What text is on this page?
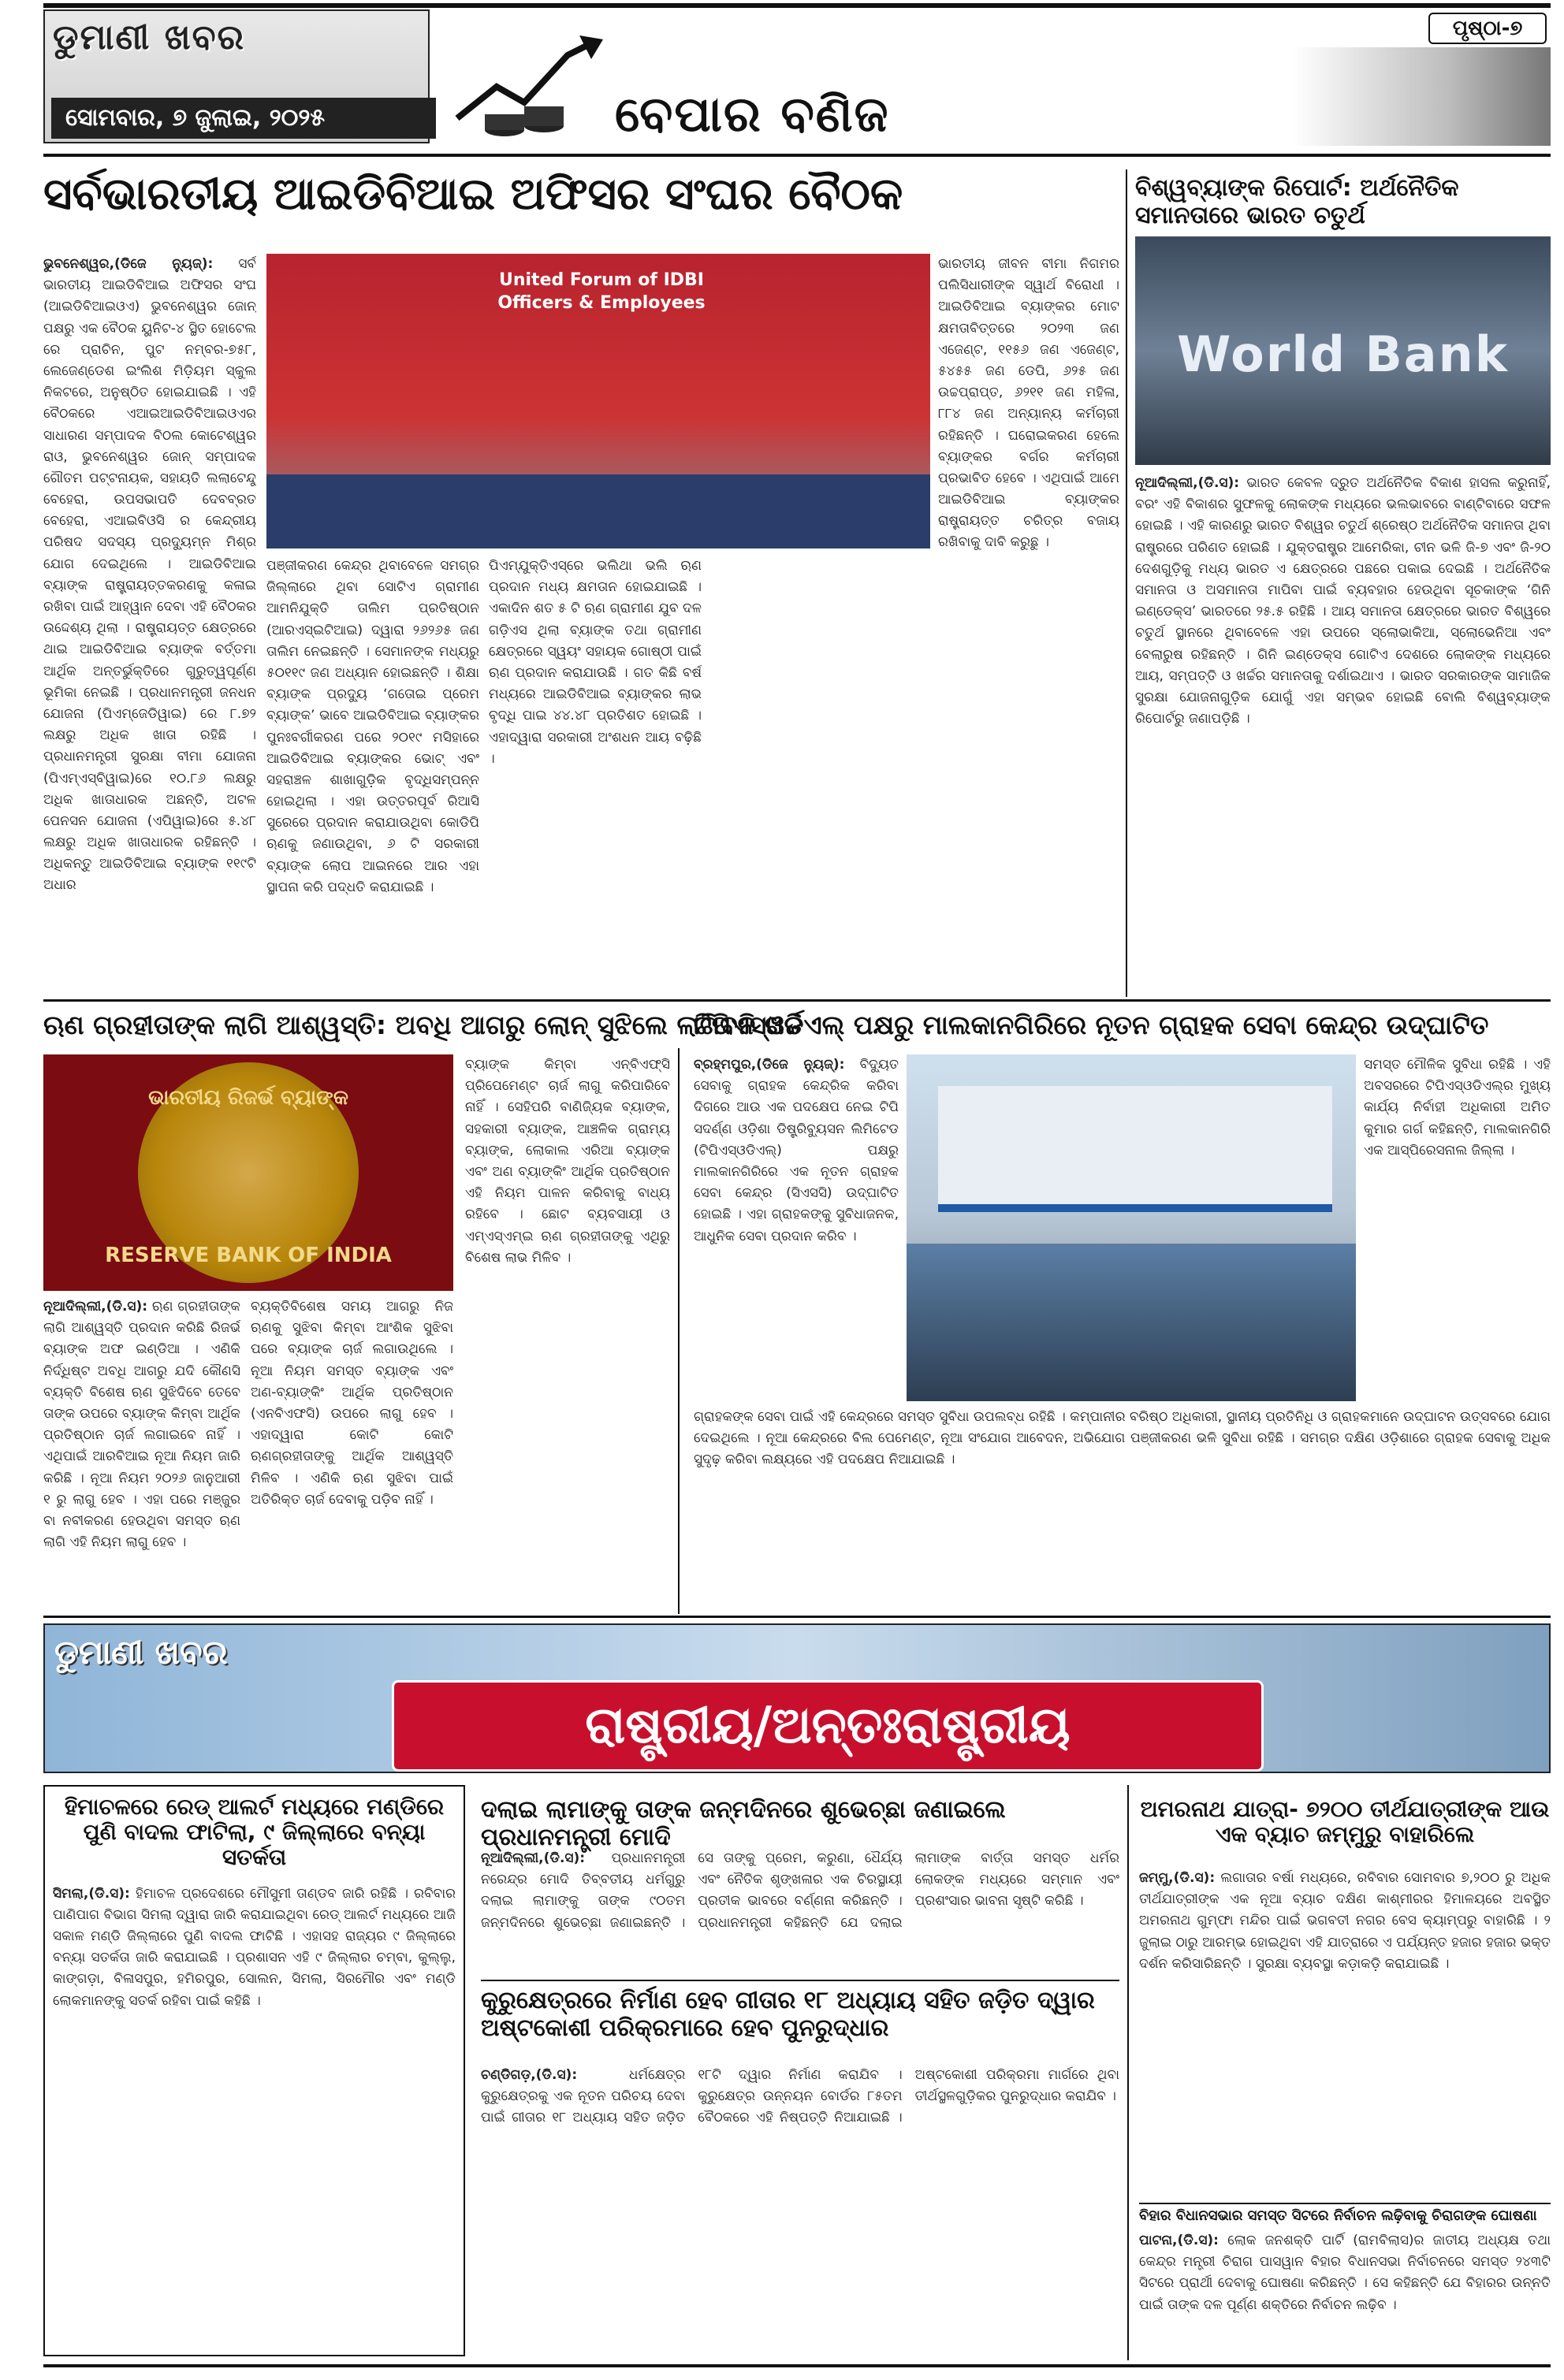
ଡୁମାଣୀ ଖବର
ସୋମବାର, ୭ ଜୁଲାଇ, ୨୦୨୫	ବେପାର ବଣିଜ
ପୃଷ୍ଠା-୭
ସର୍ବଭାରତୀୟ ଆଇଡିବିଆଇ ଅଫିସର ସଂଘର ବୈଠକ
United Forum of IDBI Officers & Employees
ଭୁବନେଶ୍ୱର,(ଡିଜେ ନ୍ୟୁଜ୍): ସର୍ବ ଭାରତୀୟ ଆଇଡିବିଆଇ ଅଫିସର ସଂଘ (ଆଇଡିବିଆଇଓଏ) ଭୁବନେଶ୍ୱର ଜୋନ୍ ପକ୍ଷରୁ ଏକ ବୈଠକ ୟୁନିଟ-୪ ସ୍ଥିତ ହୋଟେଲ ରେ ପ୍ରାଚିନ, ପୁଟ ନମ୍ବର-୭୫୮, ଲେଜେଣ୍ଡେଶ ଇଂଲିଶ ମିଡ଼ିୟମ ସ୍କୁଲ ନିକଟରେ, ଅନୁଷ୍ଠିତ ହୋଇଯାଇଛି । ଏହି ବୈଠକରେ ଏଆଇଆଇଡିବିଆଇଓଏର ସାଧାରଣ ସମ୍ପାଦକ ବିଠଲ କୋଟେଶ୍ୱର ରାଓ, ଭୁବନେଶ୍ୱର ଜୋନ୍ ସମ୍ପାଦକ ଗୌତମ ପଟ୍ଟନାୟକ, ସହାୟତି ଲଲାଟେନ୍ଦୁ ବେହେରା, ଉପସଭାପତି ଦେବବ୍ରତ ବେହେରା, ଏଆଇବିଓସି ର କେନ୍ଦ୍ରୀୟ ପରିଷଦ ସଦସ୍ୟ ପ୍ରଦ୍ୟୁମ୍ନ ମିଶ୍ର ଯୋଗ ଦେଇଥିଲେ । ଆଇଡିବିଆଇ ବ୍ୟାଙ୍କ ରାଷ୍ଟ୍ରାୟତ୍ତକରଣକୁ କଳାଇ ରଖିବା ପାଇଁ ଆହ୍ୱାନ ଦେବା ଏହି ବୈଠକର ଉଦ୍ଦେଶ୍ୟ ଥିଲା । ରାଷ୍ଟ୍ରାୟତ୍ତ କ୍ଷେତ୍ରରେ ଥାଇ ଆଇଡିବିଆଇ ବ୍ୟାଙ୍କ ବର୍ତ୍ତମା ଆର୍ଥିକ ଅନ୍ତର୍ଭୁକ୍ତିରେ ଗୁରୁତ୍ୱପୂର୍ଣ୍ଣ ଭୂମିକା ନେଇଛି । ପ୍ରଧାନମନ୍ତ୍ରୀ ଜନଧନ ଯୋଜନା (ପିଏମ୍‌ଜେଡିୱାଇ) ରେ ୮.୭୨ ଲକ୍ଷରୁ ଅଧିକ ଖାତା ରହିଛି । ପ୍ରଧାନମନ୍ତ୍ରୀ ସୁରକ୍ଷା ବୀମା ଯୋଜନା (ପିଏମ୍‌ଏସ୍‌ବିୱାଇ)ରେ ୧୦.୮୬ ଲକ୍ଷରୁ ଅଧିକ ଖାତାଧାରକ ଅଛନ୍ତି, ଅଟଳ ପେନସନ ଯୋଜନା (ଏପିୱାଇ)ରେ ୫.୪୮ ଲକ୍ଷରୁ ଅଧିକ ଖାତାଧାରକ ରହିଛନ୍ତି । ଅଧିକନ୍ତୁ ଆଇଡିବିଆଇ ବ୍ୟାଙ୍କ ୧୧୯ଟି ଅଧାର
ପଞ୍ଜୀକରଣ କେନ୍ଦ୍ର ଥିବାବେଳେ ସମଗ୍ର ଜିଲ୍ଲାରେ ଥିବା ସୋଟିଏ ଗ୍ରାମୀଣ ଆମନିଯୁକ୍ତି ତାଲିମ ପ୍ରତିଷ୍ଠାନ (ଆରଏସ୍‌ଇଟିଆଇ) ଦ୍ୱାରା ୨୬୨୬୫ ଜଣ ତାଲିମ ନେଇଛନ୍ତି । ସେମାନଙ୍କ ମଧ୍ୟରୁ ୫୦୧୧୯ ଜଣ ଅଧ୍ୟାନ ହୋଇଛନ୍ତି । ଶିକ୍ଷା ବ୍ୟାଙ୍କ ପ୍ରଦ୍ୟୁ ‘ଗତୋଇ ପ୍ରେମ ବ୍ୟାଙ୍କ’ ଭାବେ ଆଇଡିବିଆଇ ବ୍ୟାଙ୍କର ପୁନଃବର୍ଗୀକରଣ ପରେ ୨୦୧୯ ମସିହାରେ ଆଇଡିବିଆଇ ବ୍ୟାଙ୍କର ଭୋଟ୍ ଏବଂ ସହରାଞ୍ଚଳ ଶାଖାଗୁଡ଼ିକ ବୃଦ୍ଧିସମ୍ପନ୍ନ ହୋଇଥିଲା । ଏହା ଉତ୍ତରପୂର୍ବ ରିଆସି ସୁରେରେ ପ୍ରଦାନ କରାଯାଉଥିବା କୋଡିପି ଋଣକୁ ଜଣାଉଥିବା, ୬ ଟି ସରକାରୀ ବ୍ୟାଙ୍କ ଲୋପ ଆଇନରେ ଆର ଏହା ସ୍ଥାପନା କରି ପଦ୍ଧତି କରାଯାଇଛି ।
ପିଏମ୍‌ଯୁକ୍ତିଏସ୍‌ରେ ଭଲିଥା ଭଲି ଋଣ ପ୍ରଦାନ ମଧ୍ୟ କ୍ଷମତାନ ହୋଇଯାଇଛି । ଏକାଦିନ ଶତ ୫ ଟି ଋଣ ଗ୍ରାମୀଣ ଯୁବ ଦଳ ଗଡ଼ିଏସ ଥିଲା ବ୍ୟାଙ୍କ ତଥା ଗ୍ରାମୀଣ କ୍ଷେତ୍ରରେ ସ୍ୱୟଂ ସହାୟକ ଗୋଷ୍ଠୀ ପାଇଁ ଋଣ ପ୍ରଦାନ କରାଯାଉଛି । ଗତ କିଛି ବର୍ଷ ମଧ୍ୟରେ ଆଇଡିବିଆଇ ବ୍ୟାଙ୍କର ଲାଭ ବୃଦ୍ଧି ପାଇ ୪୪.୪୮ ପ୍ରତିଶତ ହୋଇଛି । ଏହାଦ୍ୱାରା ସରକାରୀ ଅଂଶଧନ ଆୟ ବଢ଼ିଛି ।
ଭାରତୀୟ ଜୀବନ ବୀମା ନିଗମର ପଲିସିଧାରୀଙ୍କ ସ୍ୱାର୍ଥ ବିରୋଧୀ । ଆଇଡିବିଆଇ ବ୍ୟାଙ୍କର ମୋଟ କ୍ଷମତାବିତ୍ତରେ ୨୦୨୩ ଜଣ ଏଜେଣ୍ଟ, ୧୧୫୬ ଜଣ ଏଜେଣ୍ଟ, ୫୪୫୫ ଜଣ ଡେପି, ୬୨୫ ଜଣ ଉଚ୍ଚପ୍ରାପ୍ତ, ୬୨୧୧ ଜଣ ମହିଳା, ୮୮୪ ଜଣ ଅନ୍ୟାନ୍ୟ କର୍ମଚାରୀ ରହିଛନ୍ତି । ଘରୋଇକରଣ ହେଲେ ବ୍ୟାଙ୍କର ବର୍ଗର କର୍ମଚାରୀ ପ୍ରଭାବିତ ହେବେ । ଏଥିପାଇଁ ଆମେ ଆଇଡିବିଆଇ ବ୍ୟାଙ୍କର ରାଷ୍ଟ୍ରାୟତ୍ତ ଚରିତ୍ର ବଜାୟ ରଖିବାକୁ ଦାବି କରୁଛୁ ।
ବିଶ୍ୱବ୍ୟାଙ୍କ ରିପୋର୍ଟ: ଅର୍ଥନୈତିକ ସମାନତାରେ ଭାରତ ଚତୁର୍ଥ
World Bank
ନୂଆଦିଲ୍ଲୀ,(ଡି.ସ): ଭାରତ କେବଳ ଦ୍ରୁତ ଅର୍ଥନୈତିକ ବିକାଶ ହାସଲ କରୁନାହିଁ, ବରଂ ଏହି ବିକାଶର ସୁଫଳକୁ ଲୋକଙ୍କ ମଧ୍ୟରେ ଭଲଭାବରେ ବାଣ୍ଟିବାରେ ସଫଳ ହୋଇଛି । ଏହି କାରଣରୁ ଭାରତ ବିଶ୍ୱର ଚତୁର୍ଥ ଶ୍ରେଷ୍ଠ ଅର୍ଥନୈତିକ ସମାନତା ଥିବା ରାଷ୍ଟ୍ରରେ ପରିଣତ ହୋଇଛି । ଯୁକ୍ତରାଷ୍ଟ୍ର ଆମେରିକା, ଚୀନ ଭଳି ଜି-୭ ଏବଂ ଜି-୨୦ ଦେଶଗୁଡ଼ିକୁ ମଧ୍ୟ ଭାରତ ଏ କ୍ଷେତ୍ରରେ ପଛରେ ପକାଇ ଦେଇଛି । ଅର୍ଥନୈତିକ ସମାନତା ଓ ଅସମାନତା ମାପିବା ପାଇଁ ବ୍ୟବହାର ହେଉଥିବା ସୂଚକାଙ୍କ ‘ଗିନି ଇଣ୍ଡେକ୍ସ’ ଭାରତରେ ୨୫.୫ ରହିଛି । ଆୟ ସମାନତା କ୍ଷେତ୍ରରେ ଭାରତ ବିଶ୍ୱରେ ଚତୁର୍ଥ ସ୍ଥାନରେ ଥିବାବେଳେ ଏହା ଉପରେ ସ୍ଲୋଭାକିଆ, ସ୍ଲୋଭେନିଆ ଏବଂ ବେଲାରୁଷ ରହିଛନ୍ତି । ଗିନି ଇଣ୍ଡେକ୍ସ ଗୋଟିଏ ଦେଶରେ ଲୋକଙ୍କ ମଧ୍ୟରେ ଆୟ, ସମ୍ପତ୍ତି ଓ ଖର୍ଚ୍ଚର ସମାନତାକୁ ଦର୍ଶାଇଥାଏ । ଭାରତ ସରକାରଙ୍କ ସାମାଜିକ ସୁରକ୍ଷା ଯୋଜନାଗୁଡ଼ିକ ଯୋଗୁଁ ଏହା ସମ୍ଭବ ହୋଇଛି ବୋଲି ବିଶ୍ୱବ୍ୟାଙ୍କ ରିପୋର୍ଟରୁ ଜଣାପଡ଼ିଛି ।
ଋଣ ଗ୍ରହୀତାଙ୍କ ଲାଗି ଆଶ୍ୱସ୍ତି: ଅବଧି ଆଗରୁ ଲୋନ୍ ସୁଝିଲେ ଲାଗିବନି ଖର୍ଚ୍ଚ
ଭାରତୀୟ ରିଜର୍ଭ ବ୍ୟାଙ୍କ
RESERVE BANK OF INDIA
ନୂଆଦିଲ୍ଲୀ,(ଡି.ସ): ଋଣ ଗ୍ରହୀତାଙ୍କ ଲାଗି ଆଶ୍ୱସ୍ତି ପ୍ରଦାନ କରିଛି ରିଜର୍ଭ ବ୍ୟାଙ୍କ ଅଫ ଇଣ୍ଡିଆ । ଏଣିକି ନିର୍ଦ୍ଧିଷ୍ଟ ଅବଧି ଆଗରୁ ଯଦି କୌଣସି ବ୍ୟକ୍ତି ବିଶେଷ ଋଣ ସୁଝିଦିବେ ତେବେ ତାଙ୍କ ଉପରେ ବ୍ୟାଙ୍କ କିମ୍ବା ଆର୍ଥିକ ପ୍ରତିଷ୍ଠାନ ଚାର୍ଜ ଲଗାଇବେ ନାହିଁ । ଏଥିପାଇଁ ଆରବିଆଇ ନୂଆ ନିୟମ ଜାରି କରିଛି । ନୂଆ ନିୟମ ୨୦୨୬ ଜାନୁଆରୀ ୧ ରୁ ଲାଗୁ ହେବ । ଏହା ପରେ ମଞ୍ଜୁର ବା ନବୀକରଣ ହେଉଥିବା ସମସ୍ତ ଋଣ ଲାଗି ଏହି ନିୟମ ଲାଗୁ ହେବ ।
ବ୍ୟକ୍ତିବିଶେଷ ସମୟ ଆଗରୁ ନିଜ ଋଣକୁ ସୁଝିବା କିମ୍ବା ଆଂଶିକ ସୁଝିବା ପରେ ବ୍ୟାଙ୍କ ଚାର୍ଜ ଲଗାଉଥିଲେ । ନୂଆ ନିୟମ ସମସ୍ତ ବ୍ୟାଙ୍କ ଏବଂ ଅଣ-ବ୍ୟାଙ୍କିଂ ଆର୍ଥିକ ପ୍ରତିଷ୍ଠାନ (ଏନବିଏଫସି) ଉପରେ ଲାଗୁ ହେବ । ଏହାଦ୍ୱାରା କୋଟି କୋଟି ଋଣଗ୍ରହୀତାଙ୍କୁ ଆର୍ଥିକ ଆଶ୍ୱସ୍ତି ମିଳିବ । ଏଣିକି ଋଣ ସୁଝିବା ପାଇଁ ଅତିରିକ୍ତ ଚାର୍ଜ ଦେବାକୁ ପଡ଼ିବ ନାହିଁ ।
ବ୍ୟାଙ୍କ କିମ୍ବା ଏନ୍‌ବିଏଫ୍‌ସି ପ୍ରିପେମେଣ୍ଟ ଚାର୍ଜ ଲାଗୁ କରିପାରିବେ ନାହିଁ । ସେହିପରି ବାଣିଜ୍ୟିକ ବ୍ୟାଙ୍କ, ସହକାରୀ ବ୍ୟାଙ୍କ, ଆଞ୍ଚଳିକ ଗ୍ରାମ୍ୟ ବ୍ୟାଙ୍କ, ଲୋକାଲ ଏରିଆ ବ୍ୟାଙ୍କ ଏବଂ ଅଣ ବ୍ୟାଙ୍କିଂ ଆର୍ଥିକ ପ୍ରତିଷ୍ଠାନ ଏହି ନିୟମ ପାଳନ କରିବାକୁ ବାଧ୍ୟ ରହିବେ । ଛୋଟ ବ୍ୟବସାୟୀ ଓ ଏମ୍‌ଏସ୍‌ଏମ୍‌ଇ ଋଣ ଗ୍ରହୀତାଙ୍କୁ ଏଥିରୁ ବିଶେଷ ଲାଭ ମିଳିବ ।
ଟିପିଏସ୍‌ଓଡିଏଲ୍ ପକ୍ଷରୁ ମାଲକାନଗିରିରେ ନୂତନ ଗ୍ରାହକ ସେବା କେନ୍ଦ୍ର ଉଦ୍‌ଘାଟିତ
ବ୍ରହ୍ମପୁର,(ଡିଜେ ନ୍ୟୁଜ୍): ବିଦ୍ୟୁତ ସେବାକୁ ଗ୍ରାହକ କେନ୍ଦ୍ରିକ କରିବା ଦିଗରେ ଆଉ ଏକ ପଦକ୍ଷେପ ନେଇ ଟିପି ସଦର୍ଣ୍ଣ ଓଡ଼ିଶା ଡିଷ୍ଟ୍ରିବ୍ୟୁସନ ଲିମିଟେଡ (ଟିପିଏସ୍‌ଓଡିଏଲ୍) ପକ୍ଷରୁ ମାଲକାନଗିରିରେ ଏକ ନୂତନ ଗ୍ରାହକ ସେବା କେନ୍ଦ୍ର (ସିଏସସି) ଉଦ୍‌ଘାଟିତ ହୋଇଛି । ଏହା ଗ୍ରାହକଙ୍କୁ ସୁବିଧାଜନକ, ଆଧୁନିକ ସେବା ପ୍ରଦାନ କରିବ ।
ସମସ୍ତ ମୌଳିକ ସୁବିଧା ରହିଛି । ଏହି ଅବସରରେ ଟିପିଏସ୍‌ଓଡିଏଲ୍‌ର ମୁଖ୍ୟ କାର୍ଯ୍ୟ ନିର୍ବାହୀ ଅଧିକାରୀ ଅମିତ କୁମାର ଗର୍ଗ କହିଛନ୍ତି, ମାଲକାନଗିରି ଏକ ଆସ୍ପିରେସନାଲ ଜିଲ୍ଲା ।
ଗ୍ରାହକଙ୍କ ସେବା ପାଇଁ ଏହି କେନ୍ଦ୍ରରେ ସମସ୍ତ ସୁବିଧା ଉପଲବ୍ଧ ରହିଛି । କମ୍ପାନୀର ବରିଷ୍ଠ ଅଧିକାରୀ, ସ୍ଥାନୀୟ ପ୍ରତିନିଧି ଓ ଗ୍ରାହକମାନେ ଉଦ୍‌ଘାଟନ ଉତ୍ସବରେ ଯୋଗ ଦେଇଥିଲେ । ନୂଆ କେନ୍ଦ୍ରରେ ବିଲ ପେମେଣ୍ଟ, ନୂଆ ସଂଯୋଗ ଆବେଦନ, ଅଭିଯୋଗ ପଞ୍ଜୀକରଣ ଭଳି ସୁବିଧା ରହିଛି । ସମଗ୍ର ଦକ୍ଷିଣ ଓଡ଼ିଶାରେ ଗ୍ରାହକ ସେବାକୁ ଅଧିକ ସୁଦୃଢ଼ କରିବା ଲକ୍ଷ୍ୟରେ ଏହି ପଦକ୍ଷେପ ନିଆଯାଇଛି ।
ଡୁମାଣୀ ଖବର
ରାଷ୍ଟ୍ରୀୟ/ଅନ୍ତଃରାଷ୍ଟ୍ରୀୟ
ହିମାଚଳରେ ରେଡ୍ ଆଲର୍ଟ ମଧ୍ୟରେ ମଣ୍ଡିରେ ପୁଣି ବାଦଲ ଫାଟିଲା, ୯ ଜିଲ୍ଲାରେ ବନ୍ୟା ସତର୍କତା
ସିମଲା,(ଡି.ସ): ହିମାଚଳ ପ୍ରଦେଶରେ ମୌସୁମୀ ତାଣ୍ଡବ ଜାରି ରହିଛି । ରବିବାର ପାଣିପାଗ ବିଭାଗ ସିମଲା ଦ୍ୱାରା ଜାରି କରାଯାଇଥିବା ରେଡ୍ ଆଲର୍ଟ ମଧ୍ୟରେ ଆଜି ସକାଳ ମଣ୍ଡି ଜିଲ୍ଲାରେ ପୁଣି ବାଦଲ ଫାଟିଛି । ଏହାସହ ରାଜ୍ୟର ୯ ଜିଲ୍ଲାରେ ବନ୍ୟା ସତର୍କତା ଜାରି କରାଯାଇଛି । ପ୍ରଶାସନ ଏହି ୯ ଜିଲ୍ଲାର ଚମ୍ବା, କୁଲ୍ଲୁ, କାଙ୍ଗଡ଼ା, ବିଳାସପୁର, ହମିରପୁର, ସୋଲନ, ସିମଲା, ସିରମୌର ଏବଂ ମଣ୍ଡି ଲୋକମାନଙ୍କୁ ସତର୍କ ରହିବା ପାଇଁ କହିଛି ।
ଦଲାଇ ଲାମାଙ୍କୁ ତାଙ୍କ ଜନ୍ମଦିନରେ ଶୁଭେଚ୍ଛା ଜଣାଇଲେ ପ୍ରଧାନମନ୍ତ୍ରୀ ମୋଦି
ନୂଆଦିଲ୍ଲୀ,(ଡି.ସ): ପ୍ରଧାନମନ୍ତ୍ରୀ ନରେନ୍ଦ୍ର ମୋଦି ତିବ୍ବତୀୟ ଧର୍ମଗୁରୁ ଦଲାଇ ଲାମାଙ୍କୁ ତାଙ୍କ ୯୦ତମ ଜନ୍ମଦିନରେ ଶୁଭେଚ୍ଛା ଜଣାଇଛନ୍ତି । ସେ ତାଙ୍କୁ ପ୍ରେମ, କରୁଣା, ଧୈର୍ଯ୍ୟ ଏବଂ ନୈତିକ ଶୃଙ୍ଖଳାର ଏକ ଚିରସ୍ଥାୟୀ ପ୍ରତୀକ ଭାବରେ ବର୍ଣ୍ଣନା କରିଛନ୍ତି । ପ୍ରଧାନମନ୍ତ୍ରୀ କହିଛନ୍ତି ଯେ ଦଲାଇ ଲାମାଙ୍କ ବାର୍ତ୍ତା ସମସ୍ତ ଧର୍ମର ଲୋକଙ୍କ ମଧ୍ୟରେ ସମ୍ମାନ ଏବଂ ପ୍ରଶଂସାର ଭାବନା ସୃଷ୍ଟି କରିଛି ।
କୁରୁକ୍ଷେତ୍ରରେ ନିର୍ମାଣ ହେବ ଗୀତାର ୧୮ ଅଧ୍ୟାୟ ସହିତ ଜଡ଼ିତ ଦ୍ୱାର ଅଷ୍ଟକୋଶୀ ପରିକ୍ରମାରେ ହେବ ପୁନରୁଦ୍ଧାର
ଚଣ୍ଡିଗଡ଼,(ଡି.ସ):	ଧର୍ମକ୍ଷେତ୍ର କୁରୁକ୍ଷେତ୍ରକୁ ଏକ ନୂତନ ପରିଚୟ ଦେବା ପାଇଁ ଗୀତାର ୧୮ ଅଧ୍ୟାୟ ସହିତ ଜଡ଼ିତ ୧୮ଟି ଦ୍ୱାର ନିର୍ମାଣ କରାଯିବ । କୁରୁକ୍ଷେତ୍ର ଉନ୍ନୟନ ବୋର୍ଡର ୮୫ତମ ବୈଠକରେ ଏହି ନିଷ୍ପତ୍ତି ନିଆଯାଇଛି । ଅଷ୍ଟକୋଶୀ ପରିକ୍ରମା ମାର୍ଗରେ ଥିବା ତୀର୍ଥସ୍ଥଳଗୁଡ଼ିକର ପୁନରୁଦ୍ଧାର କରାଯିବ ।
ଅମରନାଥ ଯାତ୍ରା- ୭୨୦୦ ତୀର୍ଥଯାତ୍ରୀଙ୍କ ଆଉ ଏକ ବ୍ୟାଚ ଜମ୍ମୁରୁ ବାହାରିଲେ
ଜମ୍ମୁ,(ଡି.ସ): ଲଗାତାର ବର୍ଷା ମଧ୍ୟରେ, ରବିବାର ସୋମବାର ୭,୨୦୦ ରୁ ଅଧିକ ତୀର୍ଥଯାତ୍ରୀଙ୍କ ଏକ ନୂଆ ବ୍ୟାଚ ଦକ୍ଷିଣ କାଶ୍ମୀରର ହିମାଳୟରେ ଅବସ୍ଥିତ ଅମରନାଥ ଗୁମ୍ଫା ମନ୍ଦିର ପାଇଁ ଭଗବତୀ ନଗର ବେସ କ୍ୟାମ୍ପରୁ ବାହାରିଛି । ୨ ଜୁଲାଇ ଠାରୁ ଆରମ୍ଭ ହୋଇଥିବା ଏହି ଯାତ୍ରାରେ ଏ ପର୍ଯ୍ୟନ୍ତ ହଜାର ହଜାର ଭକ୍ତ ଦର୍ଶନ କରିସାରିଛନ୍ତି । ସୁରକ୍ଷା ବ୍ୟବସ୍ଥା କଡ଼ାକଡ଼ି କରାଯାଇଛି ।
ବିହାର ବିଧାନସଭାର ସମସ୍ତ ସିଟରେ ନିର୍ବାଚନ ଲଢ଼ିବାକୁ ଚିରାଗଙ୍କ ଘୋଷଣା
ପାଟନା,(ଡି.ସ): ଲୋକ ଜନଶକ୍ତି ପାର୍ଟି (ରାମବିଲାସ)ର ଜାତୀୟ ଅଧ୍ୟକ୍ଷ ତଥା କେନ୍ଦ୍ର ମନ୍ତ୍ରୀ ଚିରାଗ ପାସୱାନ ବିହାର ବିଧାନସଭା ନିର୍ବାଚନରେ ସମସ୍ତ ୨୪୩ଟି ସିଟରେ ପ୍ରାର୍ଥୀ ଦେବାକୁ ଘୋଷଣା କରିଛନ୍ତି । ସେ କହିଛନ୍ତି ଯେ ବିହାରର ଉନ୍ନତି ପାଇଁ ତାଙ୍କ ଦଳ ପୂର୍ଣ୍ଣ ଶକ୍ତିରେ ନିର୍ବାଚନ ଲଢ଼ିବ ।
